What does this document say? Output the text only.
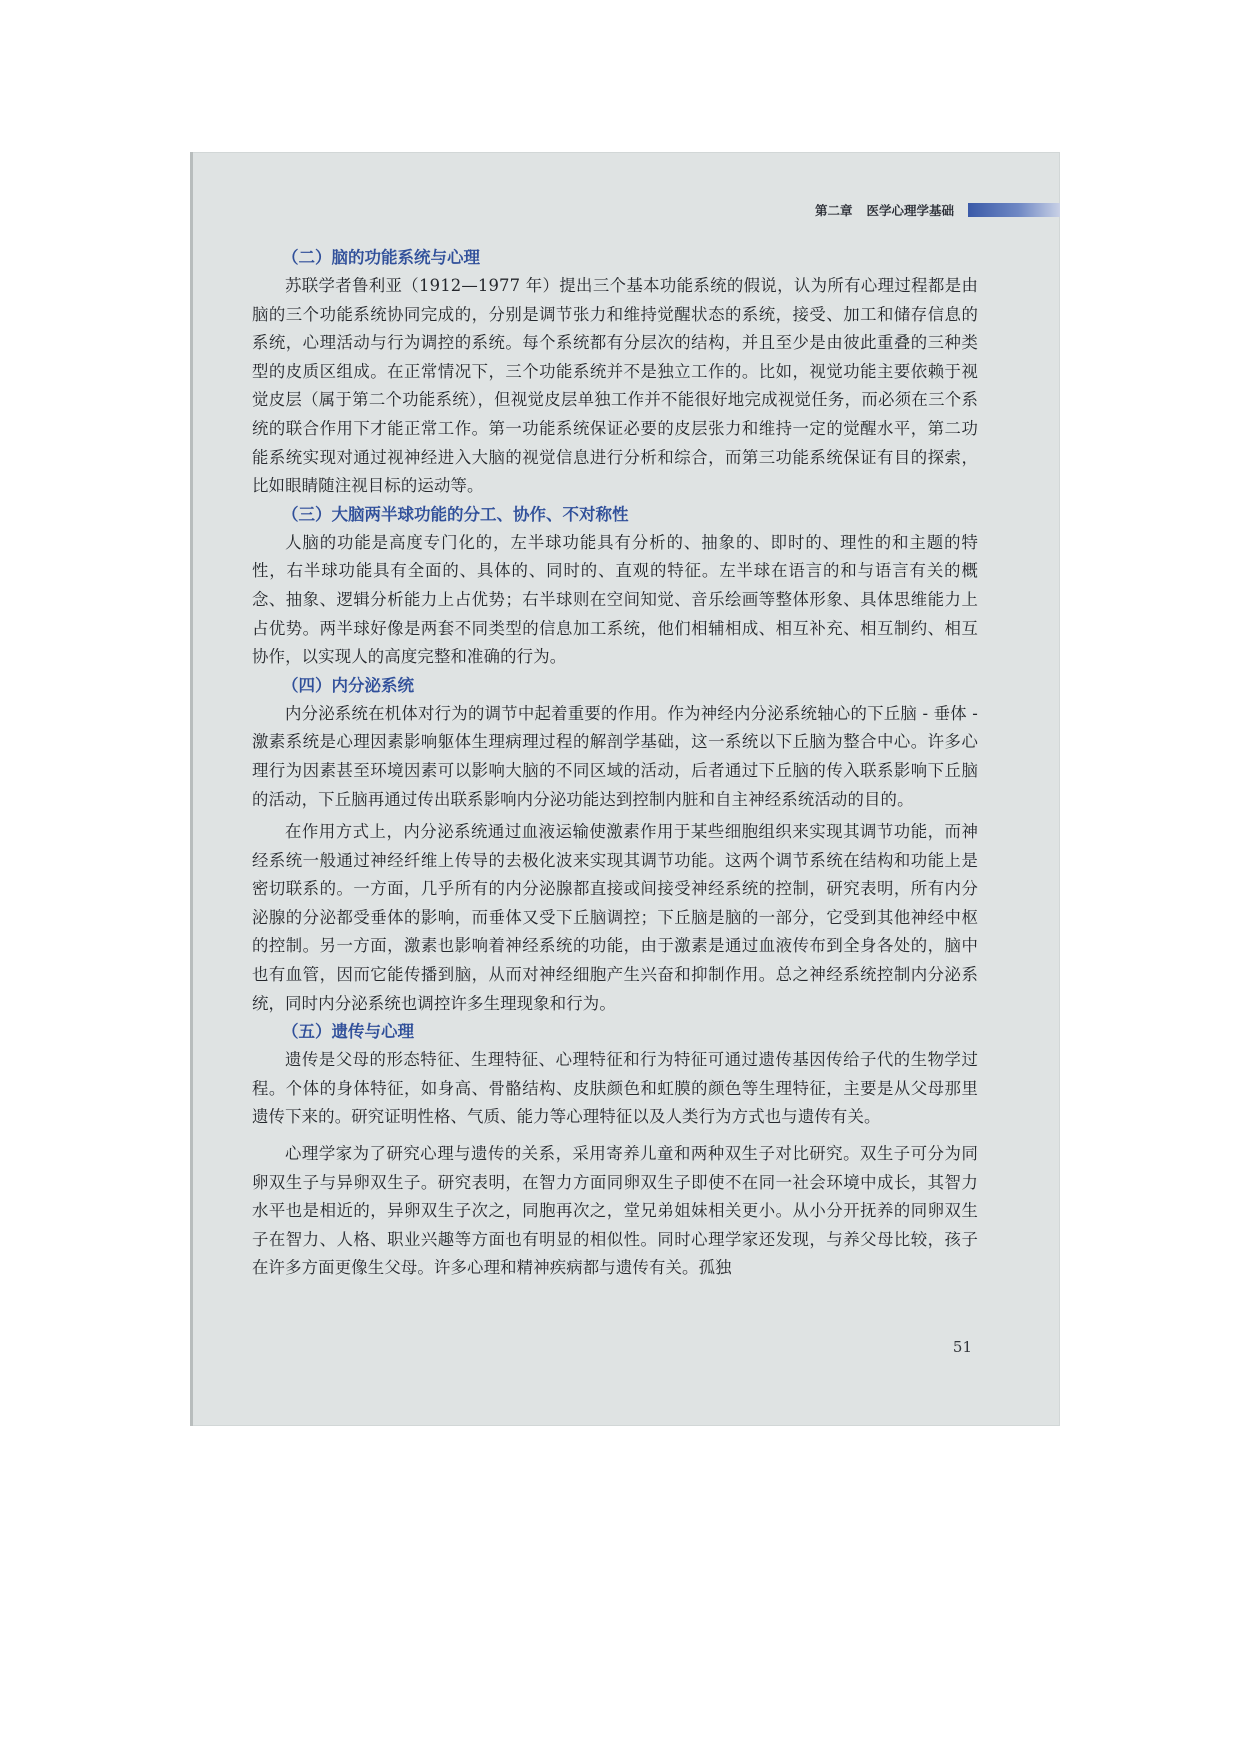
第二章 医学心理学基础
（二）脑的功能系统与心理

苏联学者鲁利亚（1912—1977 年）提出三个基本功能系统的假说，认为所有心理过程都是由脑的三个功能系统协同完成的，分别是调节张力和维持觉醒状态的系统，接受、加工和储存信息的系统，心理活动与行为调控的系统。每个系统都有分层次的结构，并且至少是由彼此重叠的三种类型的皮质区组成。在正常情况下，三个功能系统并不是独立工作的。比如，视觉功能主要依赖于视觉皮层（属于第二个功能系统），但视觉皮层单独工作并不能很好地完成视觉任务，而必须在三个系统的联合作用下才能正常工作。第一功能系统保证必要的皮层张力和维持一定的觉醒水平，第二功能系统实现对通过视神经进入大脑的视觉信息进行分析和综合，而第三功能系统保证有目的探索，比如眼睛随注视目标的运动等。

（三）大脑两半球功能的分工、协作、不对称性

人脑的功能是高度专门化的，左半球功能具有分析的、抽象的、即时的、理性的和主题的特性，右半球功能具有全面的、具体的、同时的、直观的特征。左半球在语言的和与语言有关的概念、抽象、逻辑分析能力上占优势；右半球则在空间知觉、音乐绘画等整体形象、具体思维能力上占优势。两半球好像是两套不同类型的信息加工系统，他们相辅相成、相互补充、相互制约、相互协作，以实现人的高度完整和准确的行为。

（四）内分泌系统

内分泌系统在机体对行为的调节中起着重要的作用。作为神经内分泌系统轴心的下丘脑 - 垂体 - 激素系统是心理因素影响躯体生理病理过程的解剖学基础，这一系统以下丘脑为整合中心。许多心理行为因素甚至环境因素可以影响大脑的不同区域的活动，后者通过下丘脑的传入联系影响下丘脑的活动，下丘脑再通过传出联系影响内分泌功能达到控制内脏和自主神经系统活动的目的。

在作用方式上，内分泌系统通过血液运输使激素作用于某些细胞组织来实现其调节功能，而神经系统一般通过神经纤维上传导的去极化波来实现其调节功能。这两个调节系统在结构和功能上是密切联系的。一方面，几乎所有的内分泌腺都直接或间接受神经系统的控制，研究表明，所有内分泌腺的分泌都受垂体的影响，而垂体又受下丘脑调控；下丘脑是脑的一部分，它受到其他神经中枢的控制。另一方面，激素也影响着神经系统的功能，由于激素是通过血液传布到全身各处的，脑中也有血管，因而它能传播到脑，从而对神经细胞产生兴奋和抑制作用。总之神经系统控制内分泌系统，同时内分泌系统也调控许多生理现象和行为。

（五）遗传与心理

遗传是父母的形态特征、生理特征、心理特征和行为特征可通过遗传基因传给子代的生物学过程。个体的身体特征，如身高、骨骼结构、皮肤颜色和虹膜的颜色等生理特征，主要是从父母那里遗传下来的。研究证明性格、气质、能力等心理特征以及人类行为方式也与遗传有关。

心理学家为了研究心理与遗传的关系，采用寄养儿童和两种双生子对比研究。双生子可分为同卵双生子与异卵双生子。研究表明，在智力方面同卵双生子即使不在同一社会环境中成长，其智力水平也是相近的，异卵双生子次之，同胞再次之，堂兄弟姐妹相关更小。从小分开抚养的同卵双生子在智力、人格、职业兴趣等方面也有明显的相似性。同时心理学家还发现，与养父母比较，孩子在许多方面更像生父母。许多心理和精神疾病都与遗传有关。孤独

51
